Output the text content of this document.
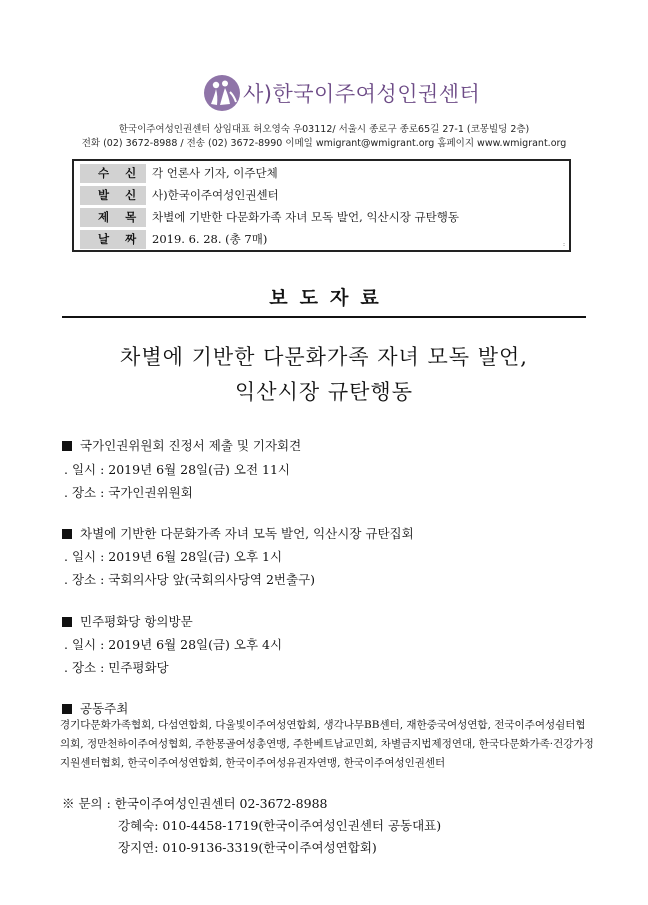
사)한국이주여성인권센터
한국이주여성인권센터 상임대표 허오영숙 우03112/ 서울시 종로구 종로65길 27-1 (코몽빌딩 2층)
전화 (02) 3672-8988 / 전송 (02) 3672-8990 이메일 wmigrant@wmigrant.org 홈페이지 www.wmigrant.org
수신 각 언론사 기자, 이주단체
발신 사)한국이주여성인권센터
제목 차별에 기반한 다문화가족 자녀 모독 발언, 익산시장 규탄행동
날짜 2019. 6. 28. (총 7매)	:
보도자료
차별에 기반한 다문화가족 자녀 모독 발언,
익산시장 규탄행동
국가인권위원회 진정서 제출 및 기자회견
. 일시 : 2019년 6월 28일(금) 오전 11시
. 장소 : 국가인권위원회
차별에 기반한 다문화가족 자녀 모독 발언, 익산시장 규탄집회
. 일시 : 2019년 6월 28일(금) 오후 1시
. 장소 : 국회의사당 앞(국회의사당역 2번출구)
민주평화당 항의방문
. 일시 : 2019년 6월 28일(금) 오후 4시
. 장소 : 민주평화당
공동주최
경기다문화가족협회, 다섬연합회, 다울빛이주여성연합회, 생각나무BB센터, 재한중국여성연합, 전국이주여성쉼터협의회, 정만천하이주여성협회, 주한몽골여성총연맹, 주한베트남교민회, 차별금지법제정연대, 한국다문화가족·건강가정지원센터협회, 한국이주여성연합회, 한국이주여성유권자연맹, 한국이주여성인권센터
※ 문의 : 한국이주여성인권센터 02-3672-8988
강혜숙: 010-4458-1719(한국이주여성인권센터 공동대표)
장지연: 010-9136-3319(한국이주여성연합회)
